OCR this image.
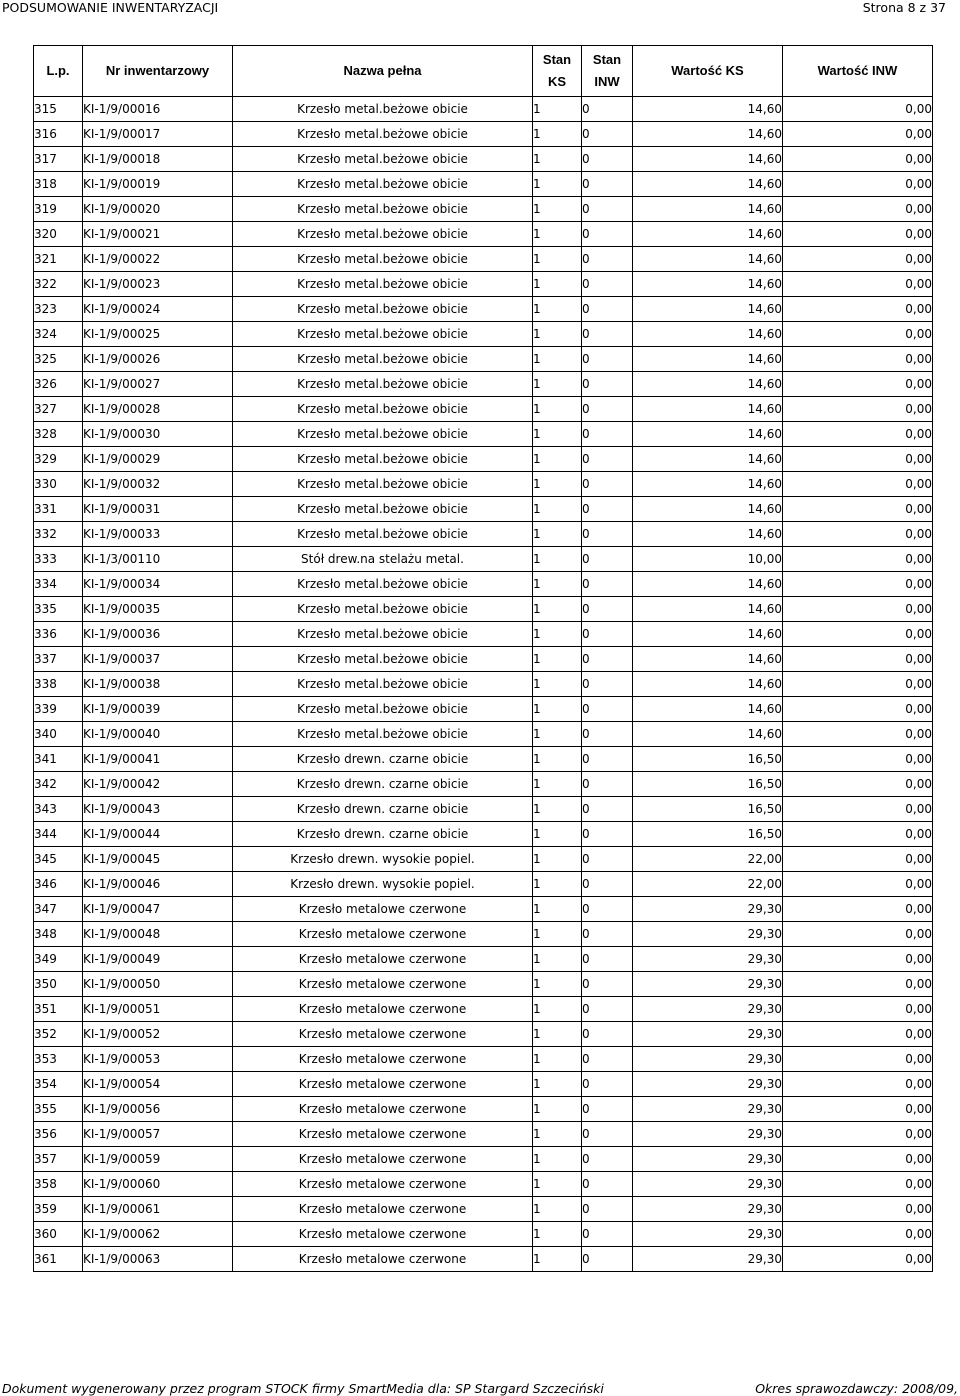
PODSUMOWANIE INWENTARYZACJI	Strona 8 z 37
L.p.	Nr inwentarzowy	Nazwa pełna	Stan KS	Stan INW	Wartość KS	Wartość INW
315	KI-1/9/00016	Krzesło metal.beżowe obicie	1	0	14,60	0,00
316	KI-1/9/00017	Krzesło metal.beżowe obicie	1	0	14,60	0,00
317	KI-1/9/00018	Krzesło metal.beżowe obicie	1	0	14,60	0,00
318	KI-1/9/00019	Krzesło metal.beżowe obicie	1	0	14,60	0,00
319	KI-1/9/00020	Krzesło metal.beżowe obicie	1	0	14,60	0,00
320	KI-1/9/00021	Krzesło metal.beżowe obicie	1	0	14,60	0,00
321	KI-1/9/00022	Krzesło metal.beżowe obicie	1	0	14,60	0,00
322	KI-1/9/00023	Krzesło metal.beżowe obicie	1	0	14,60	0,00
323	KI-1/9/00024	Krzesło metal.beżowe obicie	1	0	14,60	0,00
324	KI-1/9/00025	Krzesło metal.beżowe obicie	1	0	14,60	0,00
325	KI-1/9/00026	Krzesło metal.beżowe obicie	1	0	14,60	0,00
326	KI-1/9/00027	Krzesło metal.beżowe obicie	1	0	14,60	0,00
327	KI-1/9/00028	Krzesło metal.beżowe obicie	1	0	14,60	0,00
328	KI-1/9/00030	Krzesło metal.beżowe obicie	1	0	14,60	0,00
329	KI-1/9/00029	Krzesło metal.beżowe obicie	1	0	14,60	0,00
330	KI-1/9/00032	Krzesło metal.beżowe obicie	1	0	14,60	0,00
331	KI-1/9/00031	Krzesło metal.beżowe obicie	1	0	14,60	0,00
332	KI-1/9/00033	Krzesło metal.beżowe obicie	1	0	14,60	0,00
333	KI-1/3/00110	Stół drew.na stelażu metal.	1	0	10,00	0,00
334	KI-1/9/00034	Krzesło metal.beżowe obicie	1	0	14,60	0,00
335	KI-1/9/00035	Krzesło metal.beżowe obicie	1	0	14,60	0,00
336	KI-1/9/00036	Krzesło metal.beżowe obicie	1	0	14,60	0,00
337	KI-1/9/00037	Krzesło metal.beżowe obicie	1	0	14,60	0,00
338	KI-1/9/00038	Krzesło metal.beżowe obicie	1	0	14,60	0,00
339	KI-1/9/00039	Krzesło metal.beżowe obicie	1	0	14,60	0,00
340	KI-1/9/00040	Krzesło metal.beżowe obicie	1	0	14,60	0,00
341	KI-1/9/00041	Krzesło drewn. czarne obicie	1	0	16,50	0,00
342	KI-1/9/00042	Krzesło drewn. czarne obicie	1	0	16,50	0,00
343	KI-1/9/00043	Krzesło drewn. czarne obicie	1	0	16,50	0,00
344	KI-1/9/00044	Krzesło drewn. czarne obicie	1	0	16,50	0,00
345	KI-1/9/00045	Krzesło drewn. wysokie popiel.	1	0	22,00	0,00
346	KI-1/9/00046	Krzesło drewn. wysokie popiel.	1	0	22,00	0,00
347	KI-1/9/00047	Krzesło metalowe czerwone	1	0	29,30	0,00
348	KI-1/9/00048	Krzesło metalowe czerwone	1	0	29,30	0,00
349	KI-1/9/00049	Krzesło metalowe czerwone	1	0	29,30	0,00
350	KI-1/9/00050	Krzesło metalowe czerwone	1	0	29,30	0,00
351	KI-1/9/00051	Krzesło metalowe czerwone	1	0	29,30	0,00
352	KI-1/9/00052	Krzesło metalowe czerwone	1	0	29,30	0,00
353	KI-1/9/00053	Krzesło metalowe czerwone	1	0	29,30	0,00
354	KI-1/9/00054	Krzesło metalowe czerwone	1	0	29,30	0,00
355	KI-1/9/00056	Krzesło metalowe czerwone	1	0	29,30	0,00
356	KI-1/9/00057	Krzesło metalowe czerwone	1	0	29,30	0,00
357	KI-1/9/00059	Krzesło metalowe czerwone	1	0	29,30	0,00
358	KI-1/9/00060	Krzesło metalowe czerwone	1	0	29,30	0,00
359	KI-1/9/00061	Krzesło metalowe czerwone	1	0	29,30	0,00
360	KI-1/9/00062	Krzesło metalowe czerwone	1	0	29,30	0,00
361	KI-1/9/00063	Krzesło metalowe czerwone	1	0	29,30	0,00
Dokument wygenerowany przez program STOCK firmy SmartMedia dla: SP Stargard Szczeciński	Okres sprawozdawczy: 2008/09,
